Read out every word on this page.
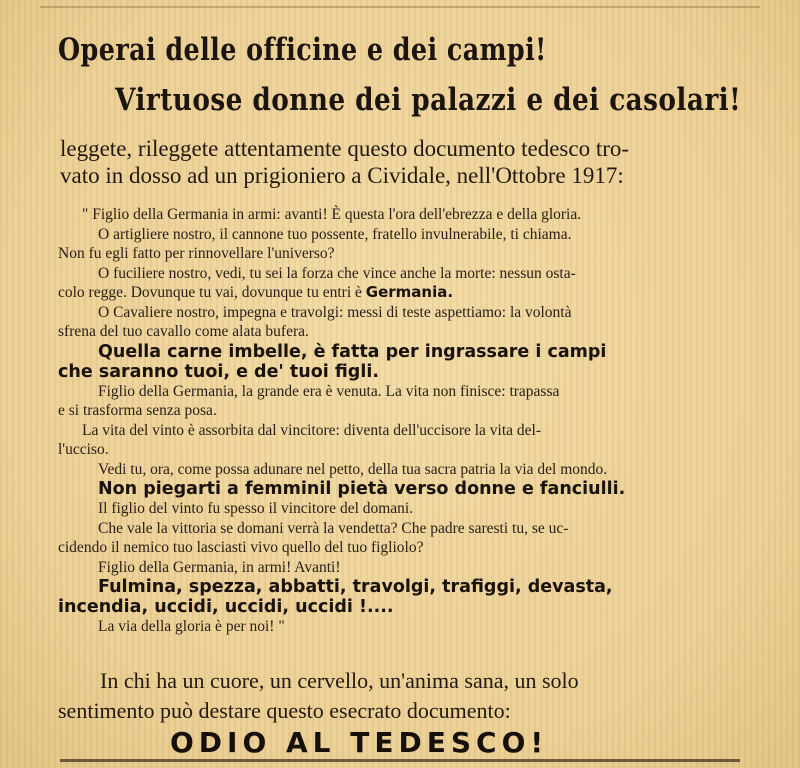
Operai delle officine e dei campi!
Virtuose donne dei palazzi e dei casolari!
leggete, rileggete attentamente questo documento tedesco tro-
vato in dosso ad un prigioniero a Cividale, nell'Ottobre 1917:

" Figlio della Germania in armi: avanti! È questa l'ora dell'ebrezza e della gloria.

O artigliere nostro, il cannone tuo possente, fratello invulnerabile, ti chiama.

Non fu egli fatto per rinnovellare l'universo?

O fuciliere nostro, vedi, tu sei la forza che vince anche la morte: nessun osta-

colo regge. Dovunque tu vai, dovunque tu entri è Germania.

O Cavaliere nostro, impegna e travolgi: messi di teste aspettiamo: la volontà

sfrena del tuo cavallo come alata bufera.

Quella carne imbelle, è fatta per ingrassare i campi

che saranno tuoi, e de' tuoi figli.

Figlio della Germania, la grande era è venuta. La vita non finisce: trapassa

e si trasforma senza posa.

La vita del vinto è assorbita dal vincitore: diventa dell'uccisore la vita del-

l'ucciso.

Vedi tu, ora, come possa adunare nel petto, della tua sacra patria la via del mondo.

Non piegarti a femminil pietà verso donne e fanciulli.

Il figlio del vinto fu spesso il vincitore del domani.

Che vale la vittoria se domani verrà la vendetta? Che padre saresti tu, se uc-

cidendo il nemico tuo lasciasti vivo quello del tuo figliolo?

Figlio della Germania, in armi! Avanti!

Fulmina, spezza, abbatti, travolgi, trafiggi, devasta,

incendia, uccidi, uccidi, uccidi !....

La via della gloria è per noi! "

In chi ha un cuore, un cervello, un'anima sana, un solo
sentimento può destare questo esecrato documento:
ODIO AL TEDESCO!
